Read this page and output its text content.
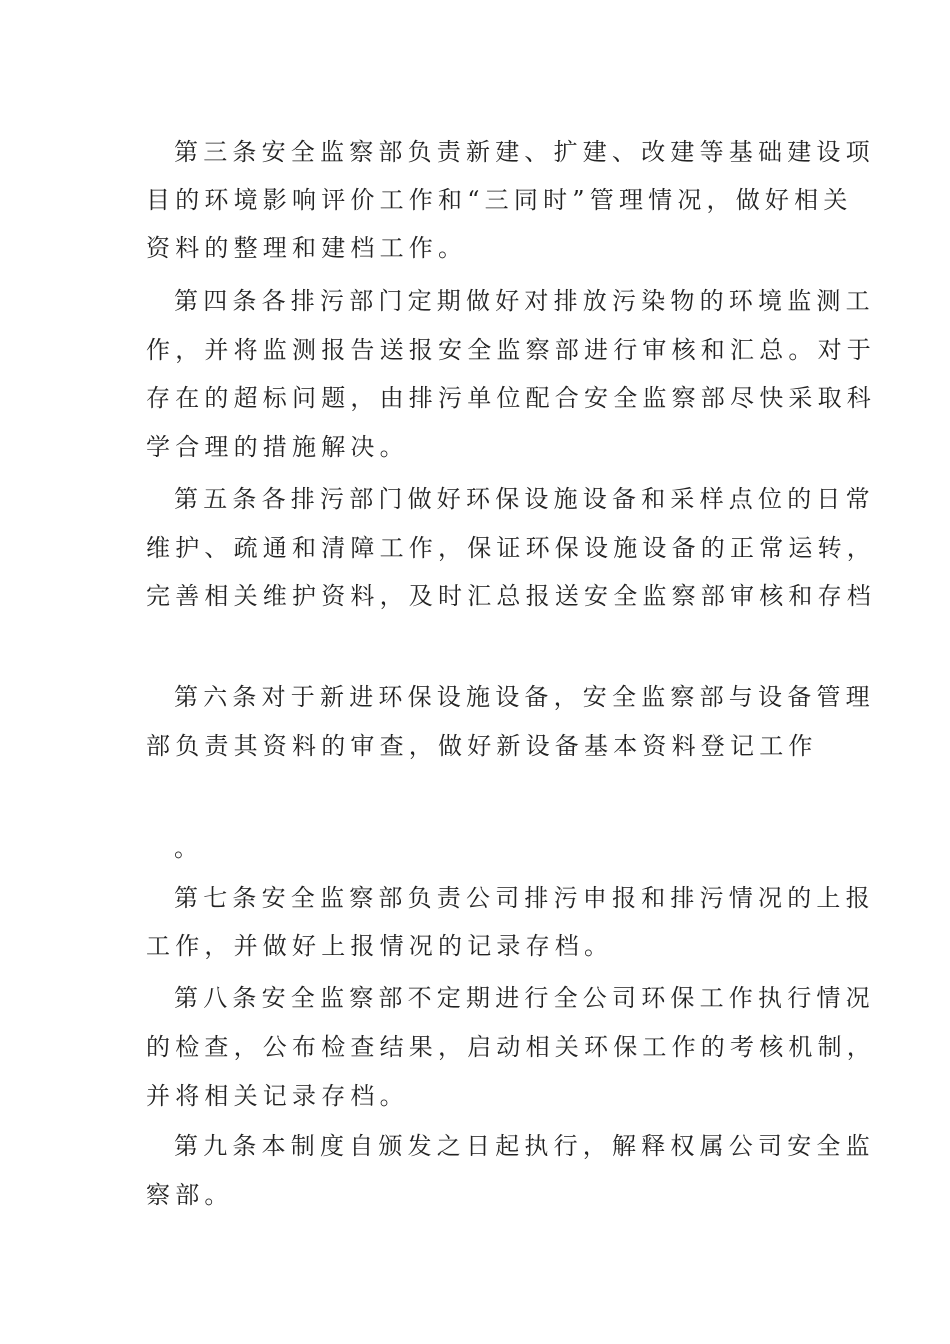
第三条安全监察部负责新建、扩建、改建等基础建设项
目的环境影响评价工作和“三同时”管理情况，做好相关
资料的整理和建档工作。
第四条各排污部门定期做好对排放污染物的环境监测工
作，并将监测报告送报安全监察部进行审核和汇总。对于
存在的超标问题，由排污单位配合安全监察部尽快采取科
学合理的措施解决。
第五条各排污部门做好环保设施设备和采样点位的日常
维护、疏通和清障工作，保证环保设施设备的正常运转，
完善相关维护资料，及时汇总报送安全监察部审核和存档
第六条对于新进环保设施设备，安全监察部与设备管理
部负责其资料的审查，做好新设备基本资料登记工作
。
第七条安全监察部负责公司排污申报和排污情况的上报
工作，并做好上报情况的记录存档。
第八条安全监察部不定期进行全公司环保工作执行情况
的检查，公布检查结果，启动相关环保工作的考核机制，
并将相关记录存档。
第九条本制度自颁发之日起执行，解释权属公司安全监
察部。
